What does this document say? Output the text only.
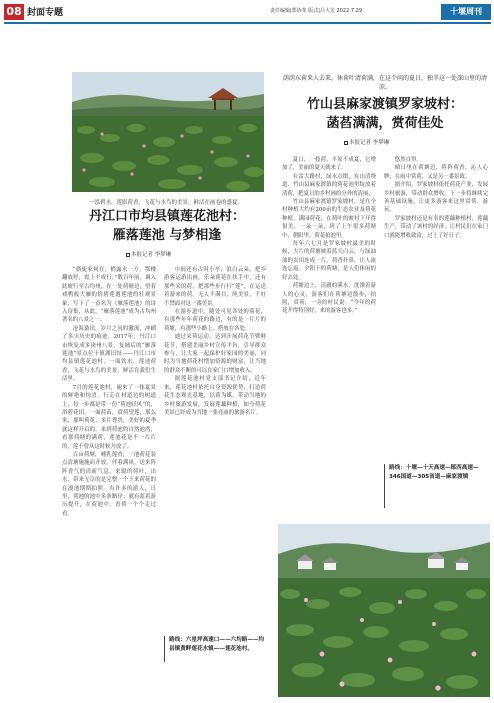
08 封面专题	责任编辑|郑协斐 版式|吕大芳 2022.7.29	十堰周刊
一泓碧水，莲影荷香，飞花与水鸟的美景，鲜活在画卷的盛夏。
丹江口市均县镇莲花池村：
雁落莲池 与梦相逢
本报记者 李梦琳

“旖旎家何在，梢露水一方。鄂楼翻放停，霓上不成行。”数百年前，调入此琥行至古均州，在一处荷塘边，望着戏鸭般大雁的恰碧莲遵莲池的壮观景象，写下了一首名为《雁落莲池》的诗入待集，从此，“雁落莲池”成为古均州著名的八景之一。

沧海桑田，岁月之河的激流，冲刷了多少历史的痕迹。2017年，丹江口市恢复成多岗州八景，复城后的“雁落莲池”景点位于镇湖旧址——丹江口市均县镇莲花池村，一面饮水，莲池荷香，飞花与水鸟的美景，鲜活在我们生活里。

7月的莲花池村，褪来了一抹夏景的鲜艳和惊喜。行走在村道边的树道上，每一步都是带一份“荷池轻风”的，浴碧花田，一面荷苗，赏荷望莲，那么来，那叫荷花，多片尊贵，美好的夏季就这样开启的。来到荷池的自然池湾，看那荷塘的满荷，莲池花是不一片片的，莲不曾从这时候开放了。

百亩荷塘，哺乳莲香，一池荷花装点清塘施施而开放，伴着满风，送来阵阵香气的清新气息，来聪的荷叶，出水，带来无尽的是完整一个下来荷花的在漫池期期拍照。有许多的游人，日里，荷池的池中多条路径；就有蓝着游历提升，在荷池中，香荷一个个走过看。

中间还有古时小亭，浪白云朵，把乡游客运游出画，乐朵荷花在扶手中，还有那些采的荷，把那些步行打“莲”，在运送着游来的荷。无人不满目，纯美景，千好不禁面对这一番美景。

在游步道中，随处可见各处的荷花，有那些年年荷花的路边，有的是一片片的荷塘，有那些小路上，搭放在各处。

通过采荷运动，达到开展荷花节暨鲜花节，搭建美丽乡村宣传平台，引导群众参与，让大家一起保护好家园的美丽，同时为当地荷花村增加资源的财富，让当地的群众不断的可以在家门口增加收入。

据莲花池村党支部书记介绍，近年来，莲花池村依托自身资源优势，打造荷花生态观光基地，以荷为媒，带动当地的乡村旅游发展，发展莲藕种植，如今荷花美景已经成为当地一张亮丽的旅游名片。

路线：六星坪高速口——六均路——均县镇黄畔莲花水镇——莲花池村。
荫荫东荷来人去来，休荷叶清荷满，在这个问的夏日，独辛这一处深山里的清凉。
竹山县麻家渡镇罗家坡村：
菡萏满满，赏荷佳处
本报记者 李梦琳

夏日，一枝荷，平原不成夏，它增加了，美丽的夏天就来了。

在雷大路村，绿水点缀，有山清绕道、竹山县麻家渡镇的荷花池里绽放着清荷，把夏日的乡村画的分外的清丽。

竹山县麻家渡镇罗家坡村，是在全村种植大约有200亩的生态农业及荷花种植，满园荷花，在荷叶的映衬下开得很美，一朵一朵，到了上午很多荷塘中、朝阳里，荷花拍池里。

每年六七月是罗家坡村最美的时候，大片的荷塘映着蓝天白云，与绿油油的农田连成一片，荷香扑鼻，让人流连忘返。夕阳下的荷塘，是人们休闲的好去处。

荷塘边上，清澈的溪水，洗涤着游人的心灵，游客们在荷塘边散步，拍照，赏荷，一旁的村民说：“今年的荷花开得特别好，来的游客也多。”

悠然自得。

晴日里在荷塘边，阵阵荷香，沁人心脾；在雨中赏荷，又是另一番景致。

据介绍，罗家坡村依托荷花产业，发展乡村旅游，带动群众增收，下一步将继续完善基础设施，让更多游客来这里赏荷、游玩。

罗家坡村还是有名的莲藕种植村，莲藕生产，带动了该村的经济，让村民们在家门口就能增收致富，过上了好日子。

路线：十堰—十天高速—郧西高速—346国道—305省道—麻家渡镇
